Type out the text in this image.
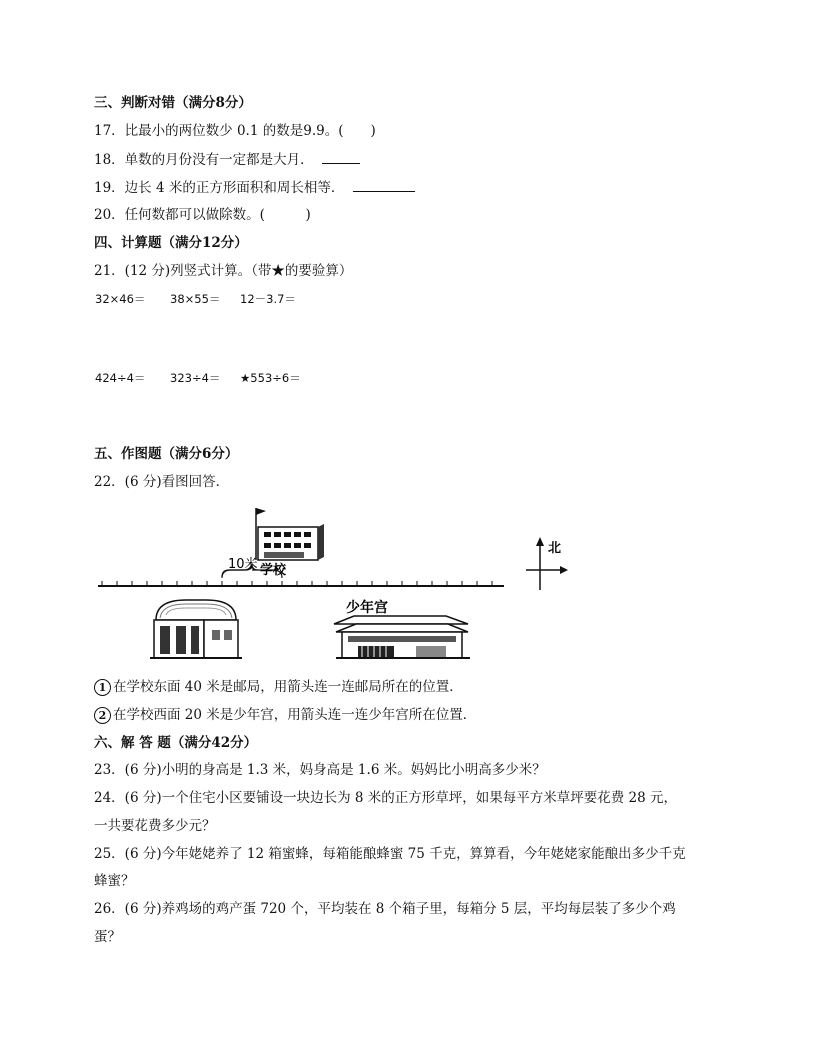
三、判断对错（满分8分）
17．比最小的两位数少 0.1 的数是9.9。(　　)
18．单数的月份没有一定都是大月．
19．边长 4 米的正方形面积和周长相等．
20．任何数都可以做除数。(　　　)
四、计算题（满分12分）
21．(12 分)列竖式计算。（带★的要验算）
32×46＝ 38×55＝ 12－3.7＝
424÷4＝ 323÷4＝ ★553÷6＝
五、作图题（满分6分）
22．(6 分)看图回答．
10米 学校
北
少年宫
1 在学校东面 40 米是邮局，用箭头连一连邮局所在的位置．
2 在学校西面 20 米是少年宫，用箭头连一连少年宫所在位置．
六、解 答 题（满分42分）
23．(6 分)小明的身高是 1.3 米，妈身高是 1.6 米。妈妈比小明高多少米？
24．(6 分)一个住宅小区要铺设一块边长为 8 米的正方形草坪，如果每平方米草坪要花费 28 元，
一共要花费多少元？
25．(6 分)今年姥姥养了 12 箱蜜蜂，每箱能酿蜂蜜 75 千克，算算看，今年姥姥家能酿出多少千克
蜂蜜？
26．(6 分)养鸡场的鸡产蛋 720 个，平均装在 8 个箱子里，每箱分 5 层，平均每层装了多少个鸡
蛋？
